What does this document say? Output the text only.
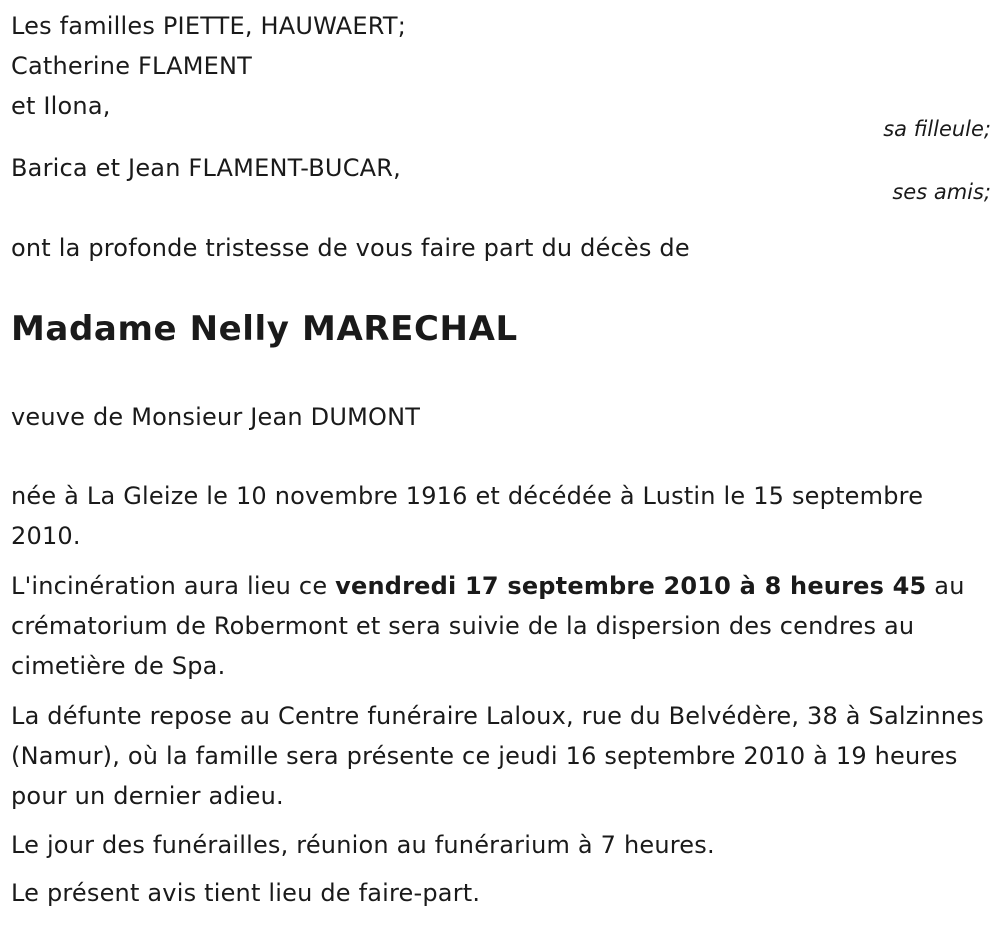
Les familles PIETTE, HAUWAERT;
Catherine FLAMENT
et Ilona,
sa filleule;
Barica et Jean FLAMENT-BUCAR,
ses amis;
ont la profonde tristesse de vous faire part du décès de
Madame Nelly MARECHAL
veuve de Monsieur Jean DUMONT
née à La Gleize le 10 novembre 1916 et décédée à Lustin le 15 septembre 2010.
L'incinération aura lieu ce vendredi 17 septembre 2010 à 8 heures 45 au crématorium de Robermont et sera suivie de la dispersion des cendres au cimetière de Spa.
La défunte repose au Centre funéraire Laloux, rue du Belvédère, 38 à Salzinnes (Namur), où la famille sera présente ce jeudi 16 septembre 2010 à 19 heures pour un dernier adieu.
Le jour des funérailles, réunion au funérarium à 7 heures.
Le présent avis tient lieu de faire-part.
